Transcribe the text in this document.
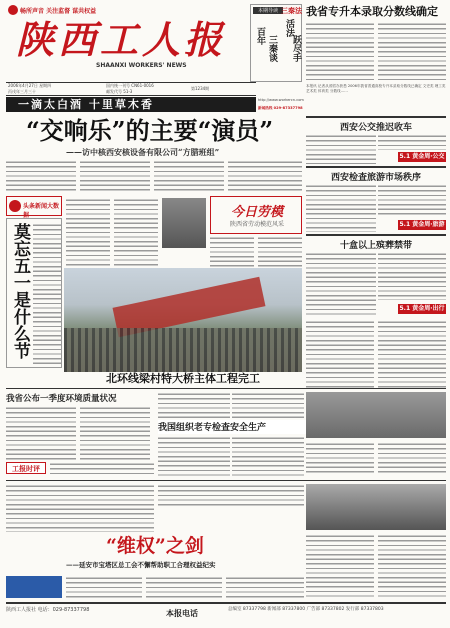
畅所声音 关注监督 谋共权益
陕西工人报
SHAANXI WORKERS' NEWS
2006年4月27日 星期四
丙戌年三月三十
国内统一刊号 CN61-0016
邮发代号 51-3
第1234期
一滴太白酒 十里草木香
本期导读 三秦法
活法
跃尽手
百年 三秦谈
http://www.workercn.com
新闻热线 029-87337798
我省专升本录取分数线确定
本报讯 记者从省招办获悉 2006年我省普通高校专升本录取分数线已确定 文史类 理工类 艺术类 体育类 分数线……
西安公交推迟收车
5.1 黄金周·公交
西安检查旅游市场秩序
5.1 黄金周·旅游
十盒以上殡葬禁带
5.1 黄金周·出行
“交响乐”的主要“演员”
——访中核西安核设备有限公司“方腊班组”
头条新闻大数据
莫忘五一是什么节
今日劳模
陕西省劳动模范风采
北环线梁村特大桥主体工程完工
我省公布一季度环境质量状况
工报时评
我国组织老专检查安全生产
“维权”之剑
——延安市宝塔区总工会不懈帮助职工合理权益纪实
陕西工人报社 电话：029-87337798	本报电话	总编室 87337798 新闻部 87337800 广告部 87337802 发行部 87337803
